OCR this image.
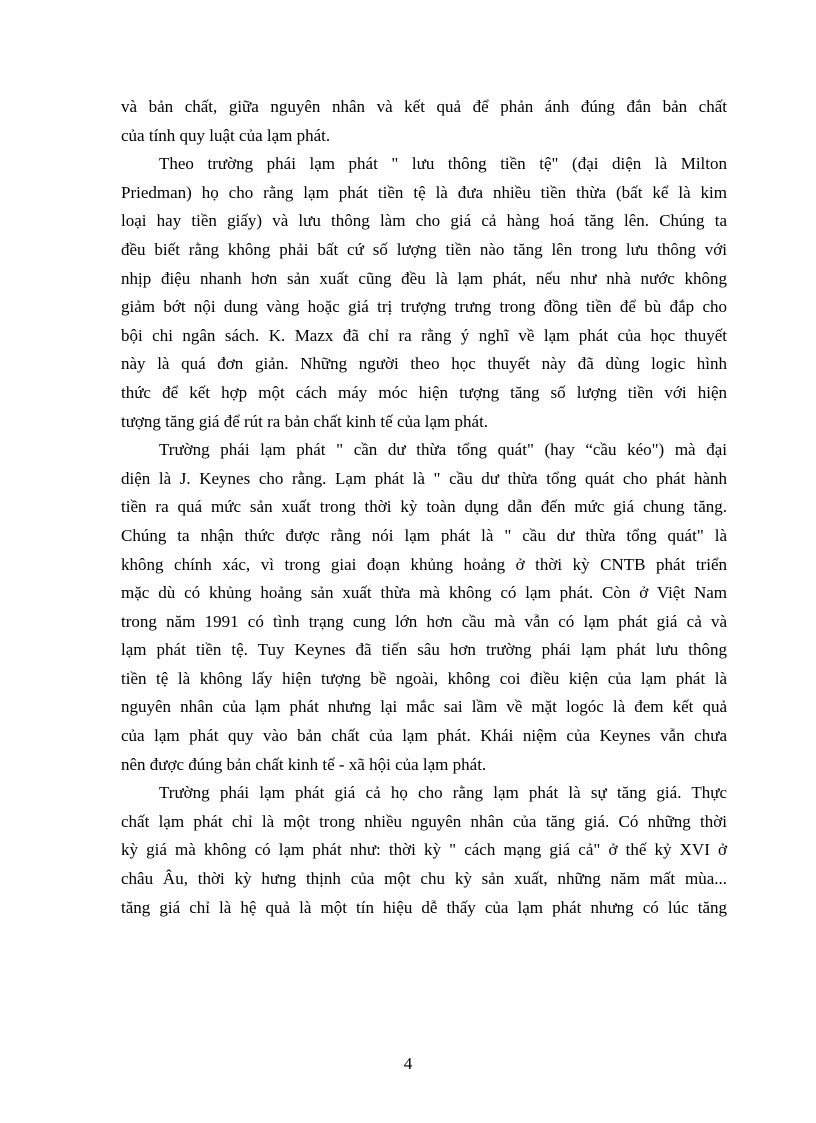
và bản chất, giữa nguyên nhân và kết quả để phản ánh đúng đắn bản chất
của tính quy luật của lạm phát.

Theo trường phái lạm phát " lưu thông tiền tệ" (đại diện là Milton
Priedman) họ cho rằng lạm phát tiền tệ là đưa nhiều tiền thừa (bất kể là kim
loại hay tiền giấy) và lưu thông làm cho giá cả hàng hoá tăng lên. Chúng ta
đều biết rằng không phải bất cứ số lượng tiền nào tăng lên trong lưu thông với
nhịp điệu nhanh hơn sản xuất cũng đều là lạm phát, nếu như nhà nước không
giảm bớt nội dung vàng hoặc giá trị trượng trưng trong đồng tiền để bù đắp cho
bội chi ngân sách. K. Mazx đã chỉ ra rằng ý nghĩ về lạm phát của học thuyết
này là quá đơn giản. Những người theo học thuyết này đã dùng logic hình
thức để kết hợp một cách máy móc hiện tượng tăng số lượng tiền với hiện
tượng tăng giá để rút ra bản chất kinh tế của lạm phát.

Trường phái lạm phát " cần dư thừa tổng quát" (hay “cầu kéo") mà đại
diện là J. Keynes cho rằng. Lạm phát là " cầu dư thừa tổng quát cho phát hành
tiền ra quá mức sản xuất trong thời kỳ toàn dụng dẫn đến mức giá chung tăng.
Chúng ta nhận thức được rằng nói lạm phát là " cầu dư thừa tổng quát" là
không chính xác, vì trong giai đoạn khủng hoảng ở thời kỳ CNTB phát triển
mặc dù có khủng hoảng sản xuất thừa mà không có lạm phát. Còn ở Việt Nam
trong năm 1991 có tình trạng cung lớn hơn cầu mà vẫn có lạm phát giá cả và
lạm phát tiền tệ. Tuy Keynes đã tiến sâu hơn trường phái lạm phát lưu thông
tiền tệ là không lấy hiện tượng bề ngoài, không coi điều kiện của lạm phát là
nguyên nhân của lạm phát nhưng lại mắc sai lầm về mặt logóc là đem kết quả
của lạm phát quy vào bản chất của lạm phát. Khái niệm của Keynes vẫn chưa
nên được đúng bản chất kinh tế - xã hội của lạm phát.

Trường phái lạm phát giá cả họ cho rằng lạm phát là sự tăng giá. Thực
chất lạm phát chỉ là một trong nhiều nguyên nhân của tăng giá. Có những thời
kỳ giá mà không có lạm phát như: thời kỳ " cách mạng giá cả" ở thế kỷ XVI ở
châu Âu, thời kỳ hưng thịnh của một chu kỳ sản xuất, những năm mất mùa...
tăng giá chỉ là hệ quả là một tín hiệu dễ thấy của lạm phát nhưng có lúc tăng

4
